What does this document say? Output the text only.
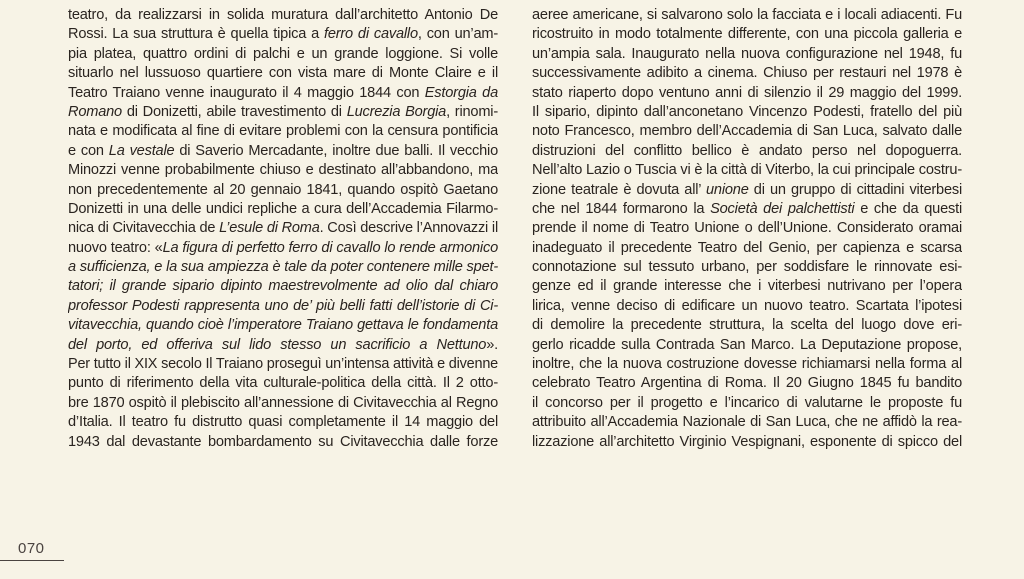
teatro, da realizzarsi in solida muratura dall’architetto Antonio De
Rossi. La sua struttura è quella tipica a ferro di cavallo, con un’am-
pia platea, quattro ordini di palchi e un grande loggione. Si volle
situarlo nel lussuoso quartiere con vista mare di Monte Claire e il
Teatro Traiano venne inaugurato il 4 maggio 1844 con Estorgia da
Romano di Donizetti, abile travestimento di Lucrezia Borgia, rinomi-
nata e modificata al fine di evitare problemi con la censura pontificia
e con La vestale di Saverio Mercadante, inoltre due balli. Il vecchio
Minozzi venne probabilmente chiuso e destinato all’abbandono, ma
non precedentemente al 20 gennaio 1841, quando ospitò Gaetano
Donizetti in una delle undici repliche a cura dell’Accademia Filarmo-
nica di Civitavecchia de L’esule di Roma. Così descrive l’Annovazzi il
nuovo teatro: «La figura di perfetto ferro di cavallo lo rende armonico
a sufficienza, e la sua ampiezza è tale da poter contenere mille spet-
tatori; il grande sipario dipinto maestrevolmente ad olio dal chiaro
professor Podesti rappresenta uno de’ più belli fatti dell’istorie di Ci-
vitavecchia, quando cioè l’imperatore Traiano gettava le fondamenta
del porto, ed offeriva sul lido stesso un sacrificio a Nettuno».
Per tutto il XIX secolo Il Traiano proseguì un’intensa attività e divenne
punto di riferimento della vita culturale-politica della città. Il 2 otto-
bre 1870 ospitò il plebiscito all’annessione di Civitavecchia al Regno
d’Italia. Il teatro fu distrutto quasi completamente il 14 maggio del
1943 dal devastante bombardamento su Civitavecchia dalle forze
aeree americane, si salvarono solo la facciata e i locali adiacenti. Fu
ricostruito in modo totalmente differente, con una piccola galleria e
un’ampia sala. Inaugurato nella nuova configurazione nel 1948, fu
successivamente adibito a cinema. Chiuso per restauri nel 1978 è
stato riaperto dopo ventuno anni di silenzio il 29 maggio del 1999.
Il sipario, dipinto dall’anconetano Vincenzo Podesti, fratello del più
noto Francesco, membro dell’Accademia di San Luca, salvato dalle
distruzioni del conflitto bellico è andato perso nel dopoguerra.
Nell’alto Lazio o Tuscia vi è la città di Viterbo, la cui principale costru-
zione teatrale è dovuta all’ unione di un gruppo di cittadini viterbesi
che nel 1844 formarono la Società dei palchettisti e che da questi
prende il nome di Teatro Unione o dell’Unione. Considerato oramai
inadeguato il precedente Teatro del Genio, per capienza e scarsa
connotazione sul tessuto urbano, per soddisfare le rinnovate esi-
genze ed il grande interesse che i viterbesi nutrivano per l’opera
lirica, venne deciso di edificare un nuovo teatro. Scartata l’ipotesi
di demolire la precedente struttura, la scelta del luogo dove eri-
gerlo ricadde sulla Contrada San Marco. La Deputazione propose,
inoltre, che la nuova costruzione dovesse richiamarsi nella forma al
celebrato Teatro Argentina di Roma. Il 20 Giugno 1845 fu bandito
il concorso per il progetto e l’incarico di valutarne le proposte fu
attribuito all’Accademia Nazionale di San Luca, che ne affidò la rea-
lizzazione all’architetto Virginio Vespignani, esponente di spicco del
070
